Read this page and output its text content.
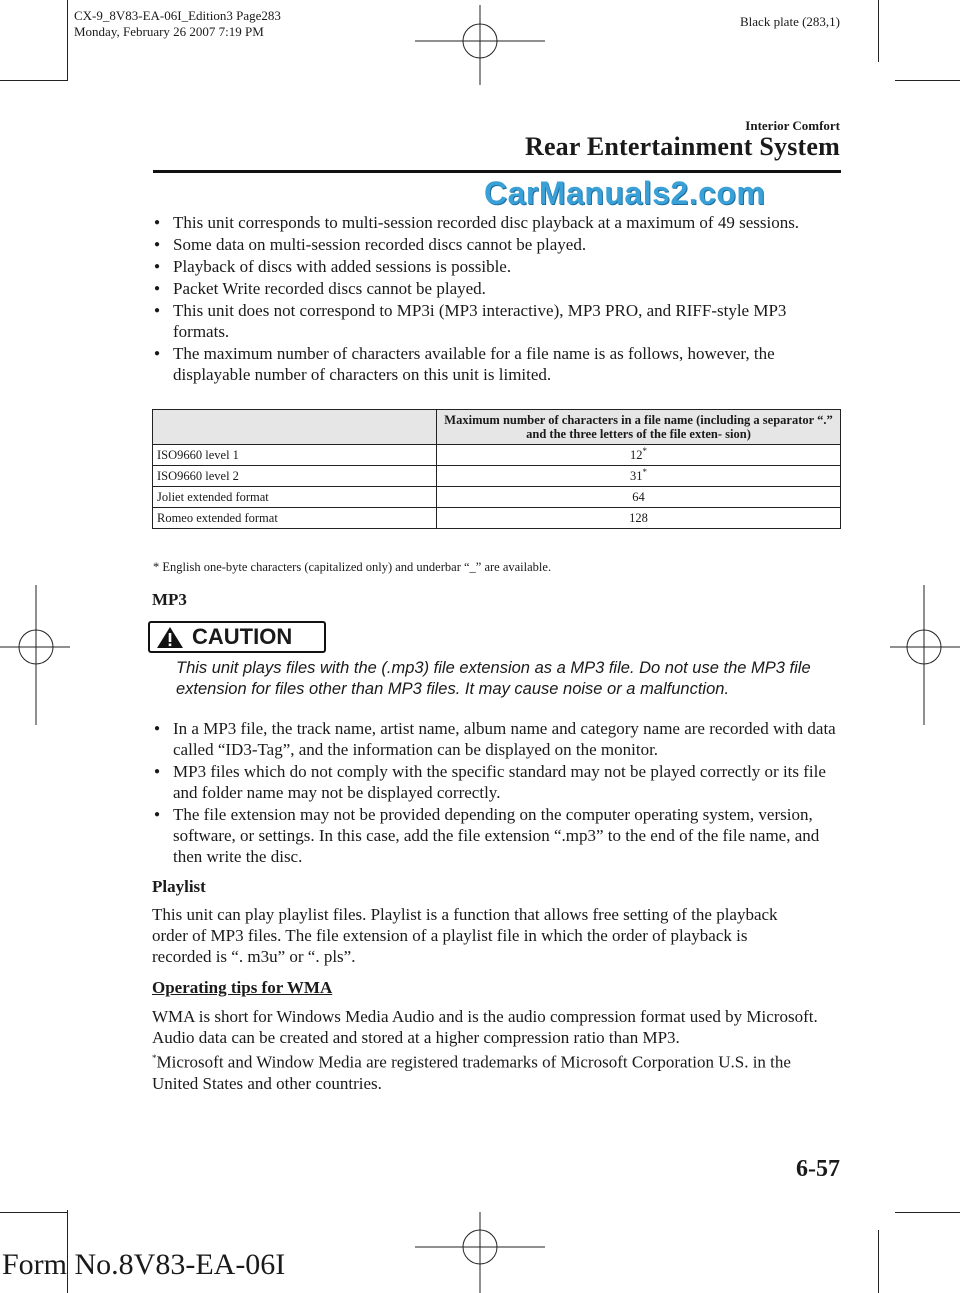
CX-9_8V83-EA-06I_Edition3 Page283
Monday, February 26 2007 7:19 PM
Black plate (283,1)
Interior Comfort
Rear Entertainment System
CarManuals2.com
● This unit corresponds to multi-session recorded disc playback at a maximum of 49 sessions.
● Some data on multi-session recorded discs cannot be played.
● Playback of discs with added sessions is possible.
● Packet Write recorded discs cannot be played.
● This unit does not correspond to MP3i (MP3 interactive), MP3 PRO, and RIFF-style MP3 formats.
● The maximum number of characters available for a file name is as follows, however, the displayable number of characters on this unit is limited.
	Maximum number of characters in a file name (including a separator “.” and the three letters of the file exten- sion)
ISO9660 level 1	12*
ISO9660 level 2	31*
Joliet extended format	64
Romeo extended format	128
* English one-byte characters (capitalized only) and underbar “_” are available.
MP3
CAUTION
This unit plays files with the (.mp3) file extension as a MP3 file. Do not use the MP3 file extension for files other than MP3 files. It may cause noise or a malfunction.
● In a MP3 file, the track name, artist name, album name and category name are recorded with data called “ID3-Tag”, and the information can be displayed on the monitor.
● MP3 files which do not comply with the specific standard may not be played correctly or its file and folder name may not be displayed correctly.
● The file extension may not be provided depending on the computer operating system, version, software, or settings. In this case, add the file extension “.mp3” to the end of the file name, and then write the disc.
Playlist
This unit can play playlist files. Playlist is a function that allows free setting of the playback order of MP3 files. The file extension of a playlist file in which the order of playback is recorded is “. m3u” or “. pls”.
Operating tips for WMA
WMA is short for Windows Media Audio and is the audio compression format used by Microsoft.
Audio data can be created and stored at a higher compression ratio than MP3.
*Microsoft and Window Media are registered trademarks of Microsoft Corporation U.S. in the United States and other countries.
6-57
Form No.8V83-EA-06I
